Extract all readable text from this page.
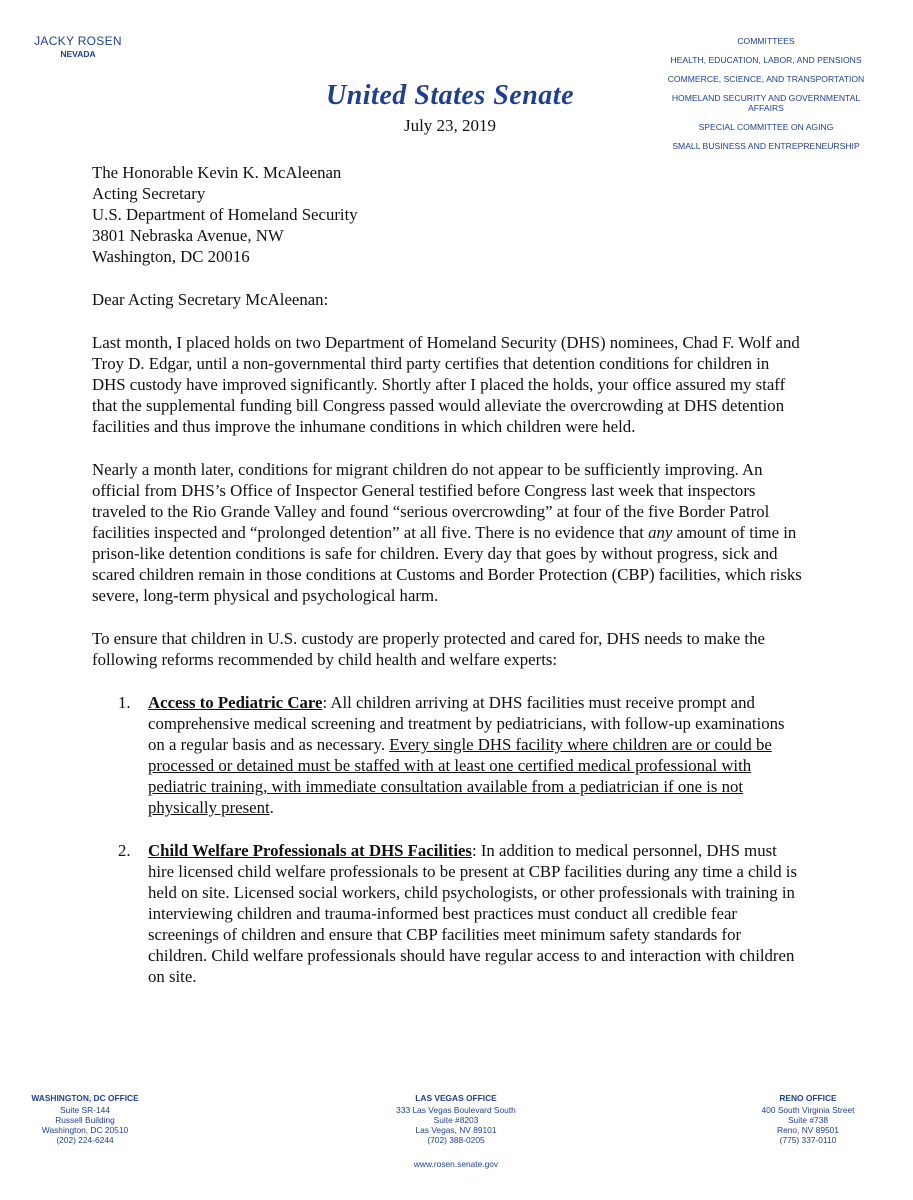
JACKY ROSEN
NEVADA
United States Senate
July 23, 2019
COMMITTEES
HEALTH, EDUCATION, LABOR, AND PENSIONS
COMMERCE, SCIENCE, AND TRANSPORTATION
HOMELAND SECURITY AND GOVERNMENTAL AFFAIRS
SPECIAL COMMITTEE ON AGING
SMALL BUSINESS AND ENTREPRENEURSHIP
The Honorable Kevin K. McAleenan
Acting Secretary
U.S. Department of Homeland Security
3801 Nebraska Avenue, NW
Washington, DC 20016
Dear Acting Secretary McAleenan:

Last month, I placed holds on two Department of Homeland Security (DHS) nominees, Chad F. Wolf and Troy D. Edgar, until a non-governmental third party certifies that detention conditions for children in DHS custody have improved significantly. Shortly after I placed the holds, your office assured my staff that the supplemental funding bill Congress passed would alleviate the overcrowding at DHS detention facilities and thus improve the inhumane conditions in which children were held.

Nearly a month later, conditions for migrant children do not appear to be sufficiently improving. An official from DHS’s Office of Inspector General testified before Congress last week that inspectors traveled to the Rio Grande Valley and found “serious overcrowding” at four of the five Border Patrol facilities inspected and “prolonged detention” at all five. There is no evidence that any amount of time in prison-like detention conditions is safe for children. Every day that goes by without progress, sick and scared children remain in those conditions at Customs and Border Protection (CBP) facilities, which risks severe, long-term physical and psychological harm.

To ensure that children in U.S. custody are properly protected and cared for, DHS needs to make the following reforms recommended by child health and welfare experts:

1. Access to Pediatric Care: All children arriving at DHS facilities must receive prompt and comprehensive medical screening and treatment by pediatricians, with follow-up examinations on a regular basis and as necessary. Every single DHS facility where children are or could be processed or detained must be staffed with at least one certified medical professional with pediatric training, with immediate consultation available from a pediatrician if one is not physically present.
2. Child Welfare Professionals at DHS Facilities: In addition to medical personnel, DHS must hire licensed child welfare professionals to be present at CBP facilities during any time a child is held on site. Licensed social workers, child psychologists, or other professionals with training in interviewing children and trauma-informed best practices must conduct all credible fear screenings of children and ensure that CBP facilities meet minimum safety standards for children. Child welfare professionals should have regular access to and interaction with children on site.
WASHINGTON, DC OFFICE
Suite SR-144
Russell Building
Washington, DC 20510
(202) 224-6244
LAS VEGAS OFFICE
333 Las Vegas Boulevard South
Suite #8203
Las Vegas, NV 89101
(702) 388-0205
RENO OFFICE
400 South Virginia Street
Suite #738
Reno, NV 89501
(775) 337-0110
www.rosen.senate.gov
